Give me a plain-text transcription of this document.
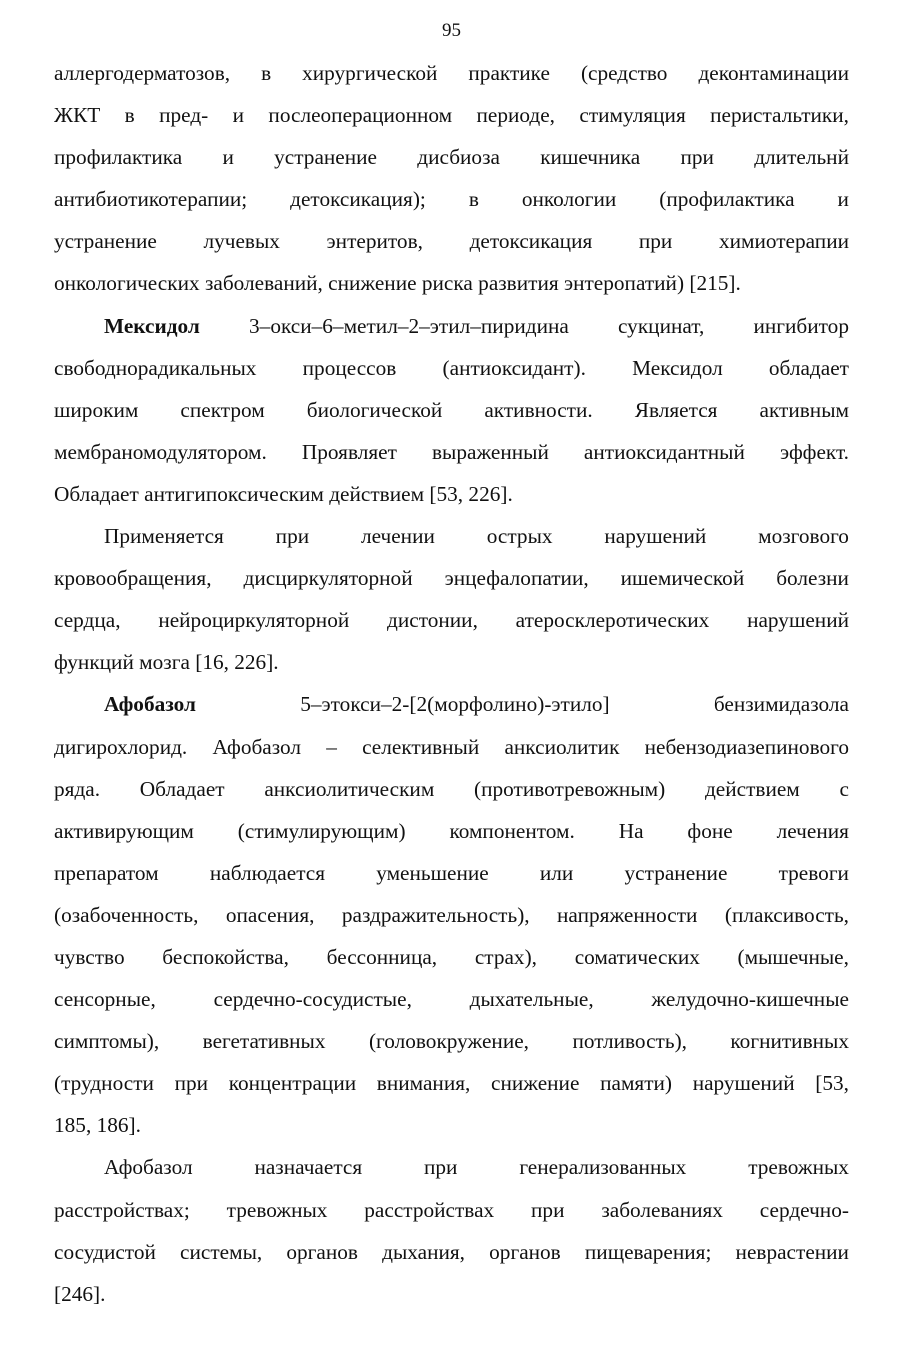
95
аллергодерматозов, в хирургической практике (средство деконтаминации
ЖКТ в пред- и послеоперационном периоде, стимуляция перистальтики,
профилактика и устранение дисбиоза кишечника при длительнй
антибиотикотерапии; детоксикация); в онкологии (профилактика и
устранение лучевых энтеритов, детоксикация при химиотерапии
онкологических заболеваний, снижение риска развития энтеропатий) [215].
Мексидол 3–окси–6–метил–2–этил–пиридина сукцинат, ингибитор
свободнорадикальных процессов (антиоксидант). Мексидол обладает
широким спектром биологической активности. Является активным
мембраномодулятором. Проявляет выраженный антиоксидантный эффект.
Обладает антигипоксическим действием [53, 226].
Применяется при лечении острых нарушений мозгового
кровообращения, дисциркуляторной энцефалопатии, ишемической болезни
сердца, нейроциркуляторной дистонии, атеросклеротических нарушений
функций мозга [16, 226].
Афобазол	5–этокси–2-[2(морфолино)-этило]	бензимидазола
дигирохлорид. Афобазол – селективный анксиолитик небензодиазепинового
ряда. Обладает анксиолитическим (противотревожным) действием с
активирующим (стимулирующим) компонентом. На фоне лечения
препаратом наблюдается уменьшение или устранение тревоги
(озабоченность, опасения, раздражительность), напряженности (плаксивость,
чувство беспокойства, бессонница, страх), соматических (мышечные,
сенсорные,	сердечно-сосудистые,	дыхательные,	желудочно-кишечные
симптомы), вегетативных (головокружение, потливость), когнитивных
(трудности при концентрации внимания, снижение памяти) нарушений [53,
185, 186].
Афобазол	назначается	при	генерализованных	тревожных
расстройствах; тревожных расстройствах при заболеваниях сердечно-
сосудистой системы, органов дыхания, органов пищеварения; неврастении
[246].
